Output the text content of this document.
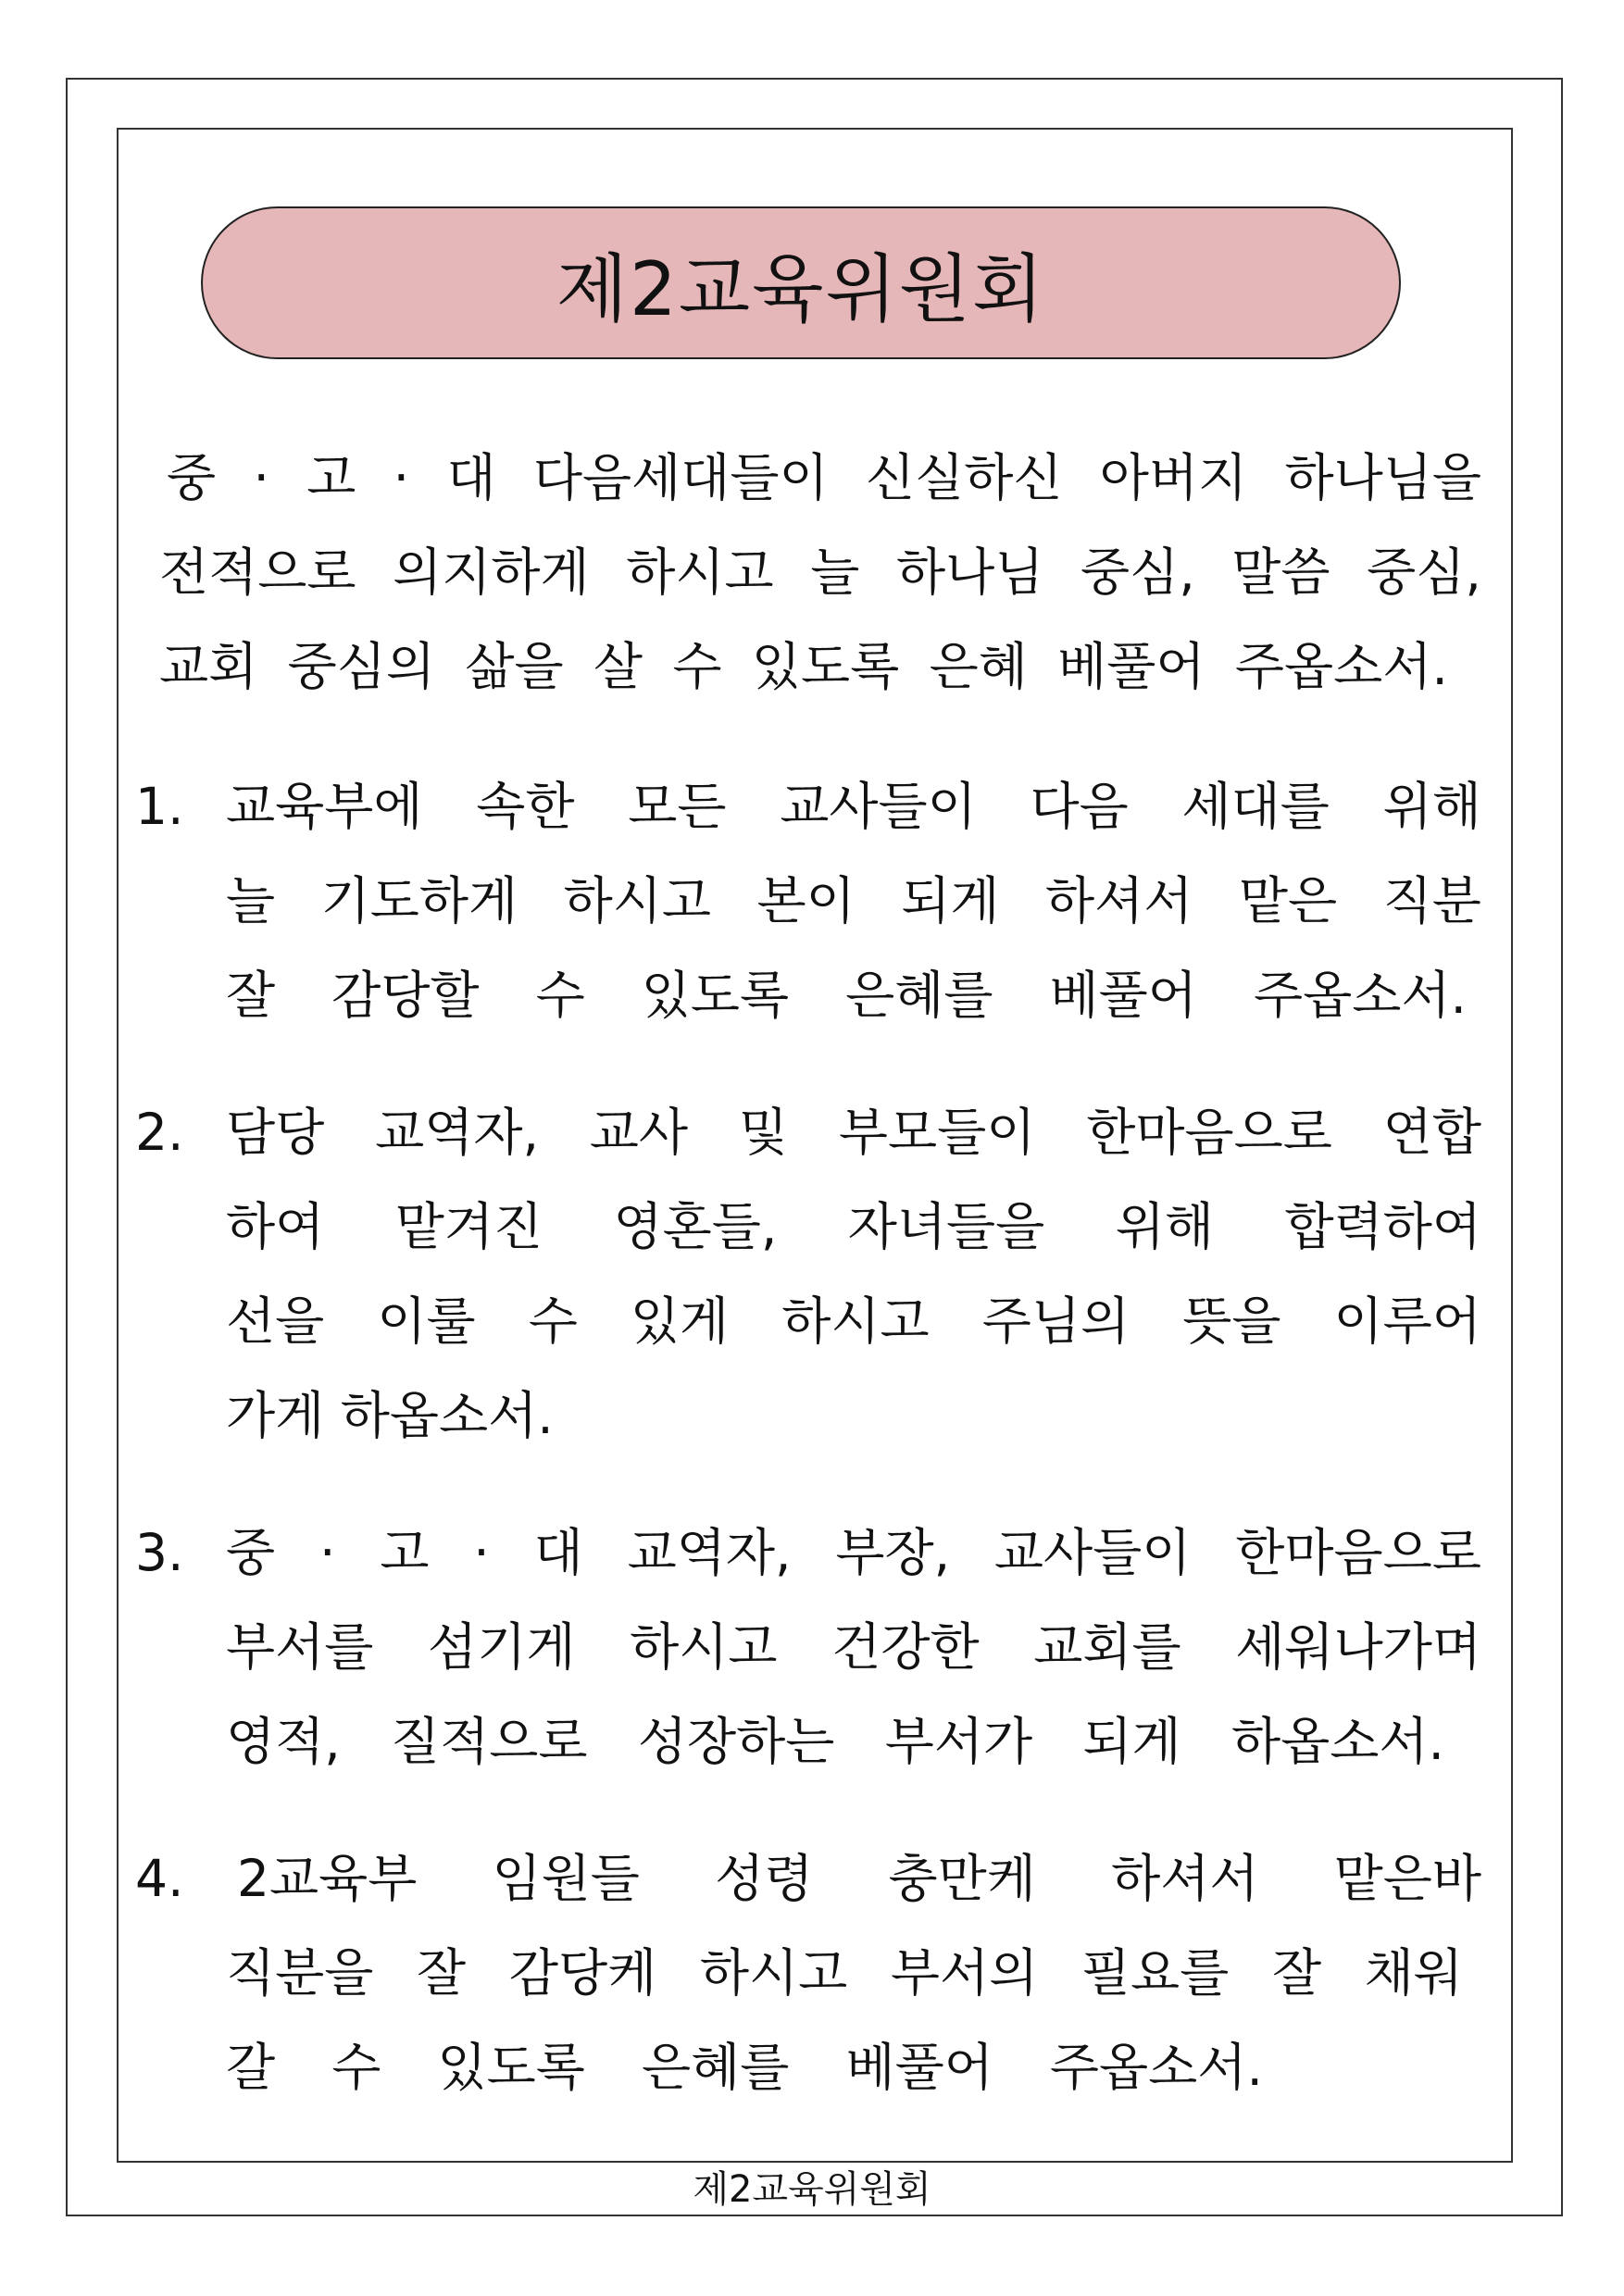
제2교육위원회
중 · 고 · 대 다음세대들이 신실하신 아버지 하나님을
전적으로 의지하게 하시고 늘 하나님 중심, 말씀 중심,
교회 중심의 삶을 살 수 있도록 은혜 베풀어 주옵소서.
1. 교육부에 속한 모든 교사들이 다음 세대를 위해
늘 기도하게 하시고 본이 되게 하셔서 맡은 직분
잘 감당할 수 있도록 은혜를 베풀어 주옵소서.
2. 담당 교역자, 교사 및 부모들이 한마음으로 연합
하여 맡겨진 영혼들, 자녀들을 위해 합력하여
선을 이룰 수 있게 하시고 주님의 뜻을 이루어
가게 하옵소서.
3. 중 · 고 · 대 교역자, 부장, 교사들이 한마음으로
부서를 섬기게 하시고 건강한 교회를 세워나가며
영적, 질적으로 성장하는 부서가 되게 하옵소서.
4. 2교육부 임원들 성령 충만케 하셔서 맡은바
직분을 잘 감당케 하시고 부서의 필요를 잘 채워
갈 수 있도록 은혜를 베풀어 주옵소서.
제2교육위원회
